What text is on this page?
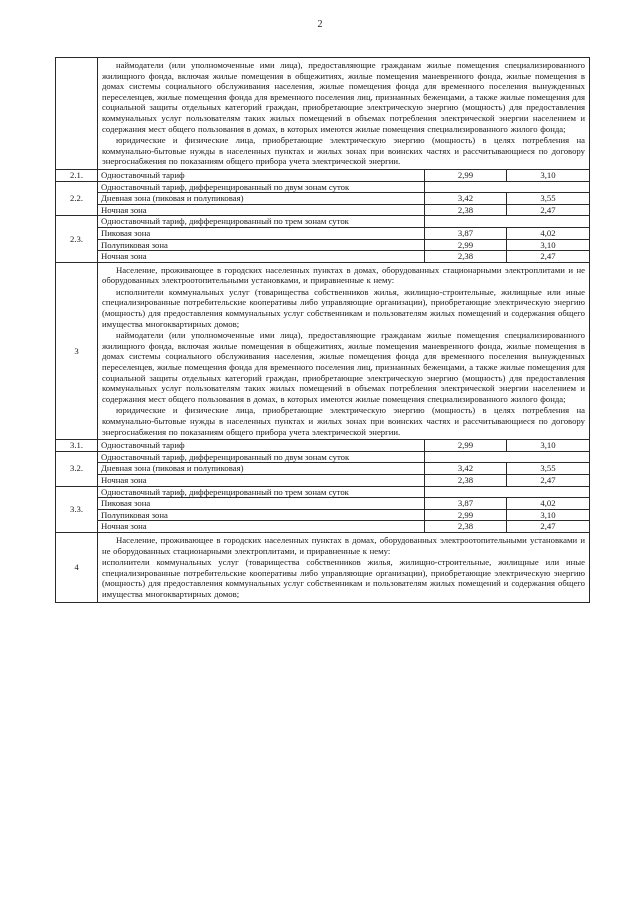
2

	наймодатели (или уполномоченные ими лица), предоставляющие гражданам жилые помещения специализированного жилищного фонда, включая жилые помещения в общежитиях, жилые помещения маневренного фонда, жилые помещения в домах системы социального обслуживания населения, жилые помещения фонда для временного поселения вынужденных переселенцев, жилые помещения фонда для временного поселения лиц, признанных беженцами, а также жилые помещения для социальной защиты отдельных категорий граждан, приобретающие электрическую энергию (мощность) для предоставления коммунальных услуг пользователям таких жилых помещений в объемах потребления электрической энергии населением и содержания мест общего пользования в домах, в которых имеются жилые помещения специализированного жилого фонда;

юридические и физические лица, приобретающие электрическую энергию (мощность) в целях потребления на коммунально-бытовые нужды в населенных пунктах и жилых зонах при воинских частях и рассчитывающиеся по договору энергоснабжения по показаниям общего прибора учета электрической энергии.		

2.1.	Одноставочный тариф	2,99	3,10
2.2.	Одноставочный тариф, дифференцированный по двум зонам суток		
	Дневная зона (пиковая и полупиковая)	3,42	3,55
	Ночная зона	2,38	2,47
2.3.	Одноставочный тариф, дифференцированный по трем зонам суток		
	Пиковая зона	3,87	4,02
	Полупиковая зона	2,99	3,10
	Ночная зона	2,38	2,47
3	Население, проживающее в городских населенных пунктах в домах, оборудованных стационарными электроплитами и не оборудованных электроотопительными установками, и приравненные к нему:

исполнители коммунальных услуг (товарищества собственников жилья, жилищно-строительные, жилищные или иные специализированные потребительские кооперативы либо управляющие организации), приобретающие электрическую энергию (мощность) для предоставления коммунальных услуг собственникам и пользователям жилых помещений и содержания общего имущества многоквартирных домов;

наймодатели (или уполномоченные ими лица), предоставляющие гражданам жилые помещения специализированного жилищного фонда, включая жилые помещения в общежитиях, жилые помещения маневренного фонда, жилые помещения в домах системы социального обслуживания населения, жилые помещения фонда для временного поселения вынужденных переселенцев, жилые помещения фонда для временного поселения лиц, признанных беженцами, а также жилые помещения для социальной защиты отдельных категорий граждан, приобретающие электрическую энергию (мощность) для предоставления коммунальных услуг пользователям таких жилых помещений в объемах потребления электрической энергии населением и содержания мест общего пользования в домах, в которых имеются жилые помещения специализированного жилого фонда;

юридические и физические лица, приобретающие электрическую энергию (мощность) в целях потребления на коммунально-бытовые нужды в населенных пунктах и жилых зонах при воинских частях и рассчитывающиеся по договору энергоснабжения по показаниям общего прибора учета электрической энергии.		

3.1.	Одноставочный тариф	2,99	3,10
3.2.	Одноставочный тариф, дифференцированный по двум зонам суток		
	Дневная зона (пиковая и полупиковая)	3,42	3,55
	Ночная зона	2,38	2,47
3.3.	Одноставочный тариф, дифференцированный по трем зонам суток		
	Пиковая зона	3,87	4,02
	Полупиковая зона	2,99	3,10
	Ночная зона	2,38	2,47
4	Население, проживающее в городских населенных пунктах в домах, оборудованных электроотопительными установками и не оборудованных стационарными электроплитами, и приравненные к нему:

исполнители коммунальных услуг (товарищества собственников жилья, жилищно-строительные, жилищные или иные специализированные потребительские кооперативы либо управляющие организации), приобретающие электрическую энергию (мощность) для предоставления коммунальных услуг собственникам и пользователям жилых помещений и содержания общего имущества многоквартирных домов;		
